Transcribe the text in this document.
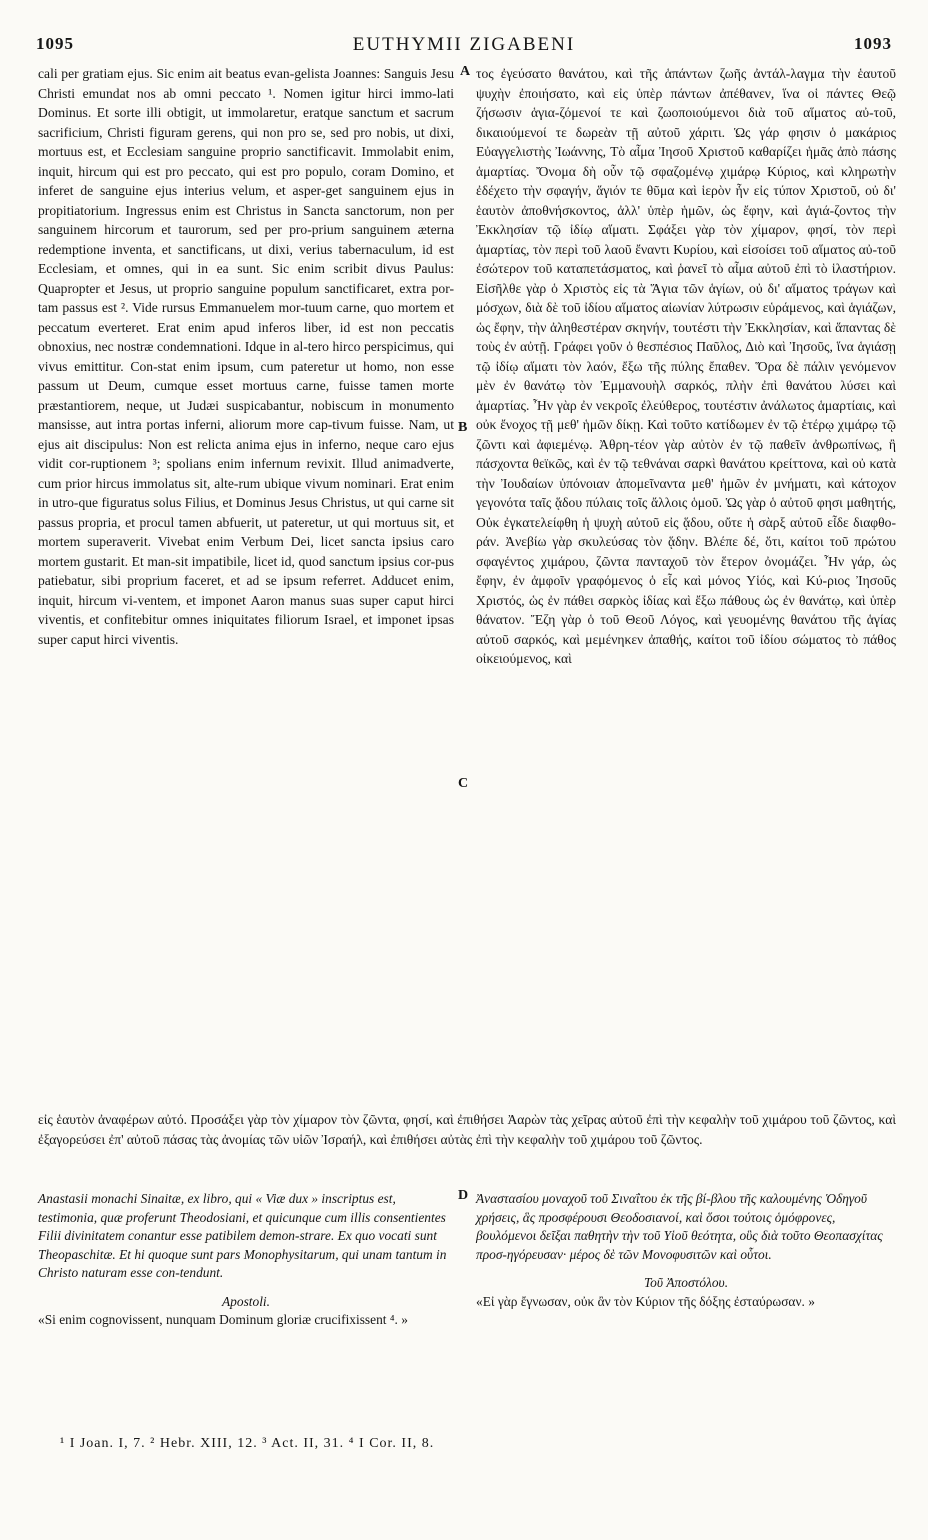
1095	EUTHYMII ZIGABENI	1093
A
B
C
D

cali per gratiam ejus. Sic enim ait beatus evan-gelista Joannes: Sanguis Jesu Christi emundat nos ab omni peccato ¹. Nomen igitur hirci immo-lati Dominus. Et sorte illi obtigit, ut immolaretur, eratque sanctum et sacrum sacrificium, Christi figuram gerens, qui non pro se, sed pro nobis, ut dixi, mortuus est, et Ecclesiam sanguine proprio sanctificavit. Immolabit enim, inquit, hircum qui est pro peccato, qui est pro populo, coram Domino, et inferet de sanguine ejus interius velum, et asper-get sanguinem ejus in propitiatorium. Ingressus enim est Christus in Sancta sanctorum, non per sanguinem hircorum et taurorum, sed per pro-prium sanguinem æterna redemptione inventa, et sanctificans, ut dixi, verius tabernaculum, id est Ecclesiam, et omnes, qui in ea sunt. Sic enim scribit divus Paulus: Quapropter et Jesus, ut proprio sanguine populum sanctificaret, extra por-tam passus est ². Vide rursus Emmanuelem mor-tuum carne, quo mortem et peccatum everteret. Erat enim apud inferos liber, id est non peccatis obnoxius, nec nostræ condemnationi. Idque in al-tero hirco perspicimus, qui vivus emittitur. Con-stat enim ipsum, cum pateretur ut homo, non esse passum ut Deum, cumque esset mortuus carne, fuisse tamen morte præstantiorem, neque, ut Judæi suspicabantur, nobiscum in monumento mansisse, aut intra portas inferni, aliorum more cap-tivum fuisse. Nam, ut ejus ait discipulus: Non est relicta anima ejus in inferno, neque caro ejus vidit cor-ruptionem ³; spolians enim infernum revixit. Illud animadverte, cum prior hircus immolatus sit, alte-rum ubique vivum nominari. Erat enim in utro-que figuratus solus Filius, et Dominus Jesus Christus, ut qui carne sit passus propria, et procul tamen abfuerit, ut pateretur, ut qui mortuus sit, et mortem superaverit. Vivebat enim Verbum Dei, licet sancta ipsius caro mortem gustarit. Et man-sit impatibile, licet id, quod sanctum ipsius cor-pus patiebatur, sibi proprium faceret, et ad se ipsum referret. Adducet enim, inquit, hircum vi-ventem, et imponet Aaron manus suas super caput hirci viventis, et confitebitur omnes iniquitates filiorum Israel, et imponet ipsas super caput hirci viventis.

τος ἐγεύσατο θανάτου, καὶ τῆς ἁπάντων ζωῆς ἀντάλ-λαγμα τὴν ἑαυτοῦ ψυχὴν ἐποιήσατο, καὶ εἰς ὑπὲρ πάντων ἀπέθανεν, ἵνα οἱ πάντες Θεῷ ζήσωσιν ἁγια-ζόμενοί τε καὶ ζωοποιούμενοι διὰ τοῦ αἵματος αὐ-τοῦ, δικαιούμενοί τε δωρεὰν τῇ αὐτοῦ χάριτι. Ὡς γάρ φησιν ὁ μακάριος Εὐαγγελιστὴς Ἰωάννης, Τὸ αἷμα Ἰησοῦ Χριστοῦ καθαρίζει ἡμᾶς ἀπὸ πάσης ἁμαρτίας. Ὄνομα δὴ οὖν τῷ σφαζομένῳ χιμάρῳ Κύριος, καὶ κληρωτὴν ἐδέχετο τὴν σφαγήν, ἅγιόν τε θῦμα καὶ ἱερὸν ἦν εἰς τύπον Χριστοῦ, οὐ δι' ἑαυτὸν ἀποθνήσκοντος, ἀλλ' ὑπὲρ ἡμῶν, ὡς ἔφην, καὶ ἁγιά-ζοντος τὴν Ἐκκλησίαν τῷ ἰδίῳ αἵματι. Σφάξει γὰρ τὸν χίμαρον, φησί, τὸν περὶ ἁμαρτίας, τὸν περὶ τοῦ λαοῦ ἔναντι Κυρίου, καὶ εἰσοίσει τοῦ αἵματος αὐ-τοῦ ἐσώτερον τοῦ καταπετάσματος, καὶ ῥανεῖ τὸ αἷμα αὐτοῦ ἐπὶ τὸ ἱλαστήριον. Εἰσῆλθε γὰρ ὁ Χριστὸς εἰς τὰ Ἅγια τῶν ἁγίων, οὐ δι' αἵματος τράγων καὶ μόσχων, διὰ δὲ τοῦ ἰδίου αἵματος αἰωνίαν λύτρωσιν εὑράμενος, καὶ ἁγιάζων, ὡς ἔφην, τὴν ἀληθεστέραν σκηνήν, τουτέστι τὴν Ἐκκλησίαν, καὶ ἅπαντας δὲ τοὺς ἐν αὐτῇ. Γράφει γοῦν ὁ θεσπέσιος Παῦλος, Διὸ καὶ Ἰησοῦς, ἵνα ἁγιάσῃ τῷ ἰδίῳ αἵματι τὸν λαόν, ἔξω τῆς πύλης ἔπαθεν. Ὅρα δὲ πάλιν γενόμενον μὲν ἐν θανάτῳ τὸν Ἐμμανουὴλ σαρκός, πλὴν ἐπὶ θανάτου λύσει καὶ ἁμαρτίας. Ἦν γὰρ ἐν νεκροῖς ἐλεύθερος, τουτέστιν ἀνάλωτος ἁμαρτίαις, καὶ οὐκ ἔνοχος τῇ μεθ' ἡμῶν δίκῃ. Καὶ τοῦτο κατίδωμεν ἐν τῷ ἑτέρῳ χιμάρῳ τῷ ζῶντι καὶ ἀφιεμένῳ. Ἀθρη-τέον γὰρ αὐτὸν ἐν τῷ παθεῖν ἀνθρωπίνως, ἢ πάσχοντα θεϊκῶς, καὶ ἐν τῷ τεθνάναι σαρκὶ θανάτου κρείττονα, καὶ οὐ κατὰ τὴν Ἰουδαίων ὑπόνοιαν ἀπομεῖναντα μεθ' ἡμῶν ἐν μνήματι, καὶ κάτοχον γεγονότα ταῖς ᾅδου πύλαις τοῖς ἄλλοις ὁμοῦ. Ὡς γὰρ ὁ αὐτοῦ φησι μαθητής, Οὐκ ἐγκατελείφθη ἡ ψυχὴ αὐτοῦ εἰς ᾅδου, οὔτε ἡ σὰρξ αὐτοῦ εἶδε διαφθο-ράν. Ἀνεβίω γὰρ σκυλεύσας τὸν ᾅδην. Βλέπε δέ, ὅτι, καίτοι τοῦ πρώτου σφαγέντος χιμάρου, ζῶντα πανταχοῦ τὸν ἕτερον ὀνομάζει. Ἦν γάρ, ὡς ἔφην, ἐν ἀμφοῖν γραφόμενος ὁ εἷς καὶ μόνος Υἱός, καὶ Κύ-ριος Ἰησοῦς Χριστός, ὡς ἐν πάθει σαρκὸς ἰδίας καὶ ἔξω πάθους ὡς ἐν θανάτῳ, καὶ ὑπὲρ θάνατον. Ἔζη γὰρ ὁ τοῦ Θεοῦ Λόγος, καὶ γευομένης θανάτου τῆς ἁγίας αὐτοῦ σαρκός, καὶ μεμένηκεν ἀπαθής, καίτοι τοῦ ἰδίου σώματος τὸ πάθος οἰκειούμενος, καὶ

εἰς ἑαυτὸν ἀναφέρων αὐτό. Προσάξει γὰρ τὸν χίμαρον τὸν ζῶντα, φησί, καὶ ἐπιθήσει Ἀαρὼν τὰς χεῖρας αὐτοῦ ἐπὶ τὴν κεφαλὴν τοῦ χιμάρου τοῦ ζῶντος, καὶ ἐξαγορεύσει ἐπ' αὐτοῦ πάσας τὰς ἀνομίας τῶν υἱῶν Ἰσραήλ, καὶ ἐπιθήσει αὐτὰς ἐπὶ τὴν κεφαλὴν τοῦ χιμάρου τοῦ ζῶντος.
Anastasii monachi Sinaitæ, ex libro, qui « Viæ dux » inscriptus est, testimonia, quæ proferunt Theodosiani, et quicunque cum illis consentientes Filii divinitatem conantur esse patibilem demon-strare. Ex quo vocati sunt Theopaschitæ. Et hi quoque sunt pars Monophysitarum, qui unam tantum in Christo naturam esse con-tendunt.
Apostoli.
«Si enim cognovissent, nunquam Dominum gloriæ crucifixissent ⁴. »
Ἀναστασίου μοναχοῦ τοῦ Σιναΐτου ἐκ τῆς βί-βλου τῆς καλουμένης Ὁδηγοῦ χρήσεις, ἃς προσφέρουσι Θεοδοσιανοί, καὶ ὅσοι τούτοις ὁμόφρονες, βουλόμενοι δεῖξαι παθητὴν τὴν τοῦ Υἱοῦ θεότητα, οὓς διὰ τοῦτο Θεοπασχίτας προσ-ηγόρευσαν· μέρος δὲ τῶν Μονοφυσιτῶν καὶ οὗτοι.
Τοῦ Ἀποστόλου.
«Εἰ γὰρ ἔγνωσαν, οὐκ ἂν τὸν Κύριον τῆς δόξης ἐσταύρωσαν. »
¹ I Joan. I, 7. ² Hebr. XIII, 12. ³ Act. II, 31. ⁴ I Cor. II, 8.
